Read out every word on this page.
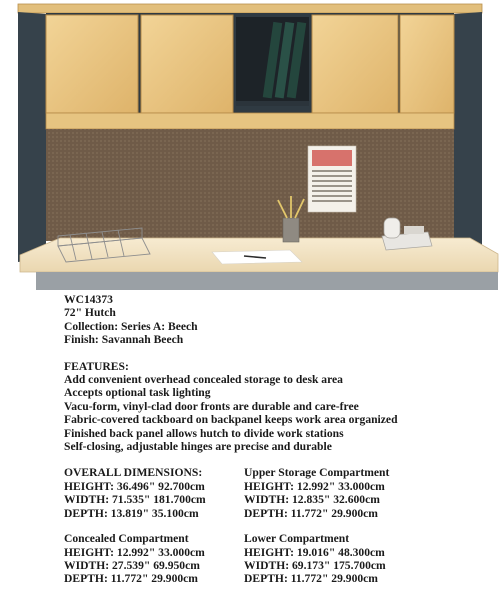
WC14373
72" Hutch
Collection: Series A: Beech
Finish: Savannah Beech
FEATURES:
Add convenient overhead concealed storage to desk area
Accepts optional task lighting
Vacu-form, vinyl-clad door fronts are durable and care-free
Fabric-covered tackboard on backpanel keeps work area organized
Finished back panel allows hutch to divide work stations
Self-closing, adjustable hinges are precise and durable
OVERALL DIMENSIONS:
HEIGHT: 36.496" 92.700cm
WIDTH: 71.535" 181.700cm
DEPTH: 13.819" 35.100cm
Upper Storage Compartment
HEIGHT: 12.992" 33.000cm
WIDTH: 12.835" 32.600cm
DEPTH: 11.772" 29.900cm
Concealed Compartment
HEIGHT: 12.992" 33.000cm
WIDTH: 27.539" 69.950cm
DEPTH: 11.772" 29.900cm
Lower Compartment
HEIGHT: 19.016" 48.300cm
WIDTH: 69.173" 175.700cm
DEPTH: 11.772" 29.900cm
